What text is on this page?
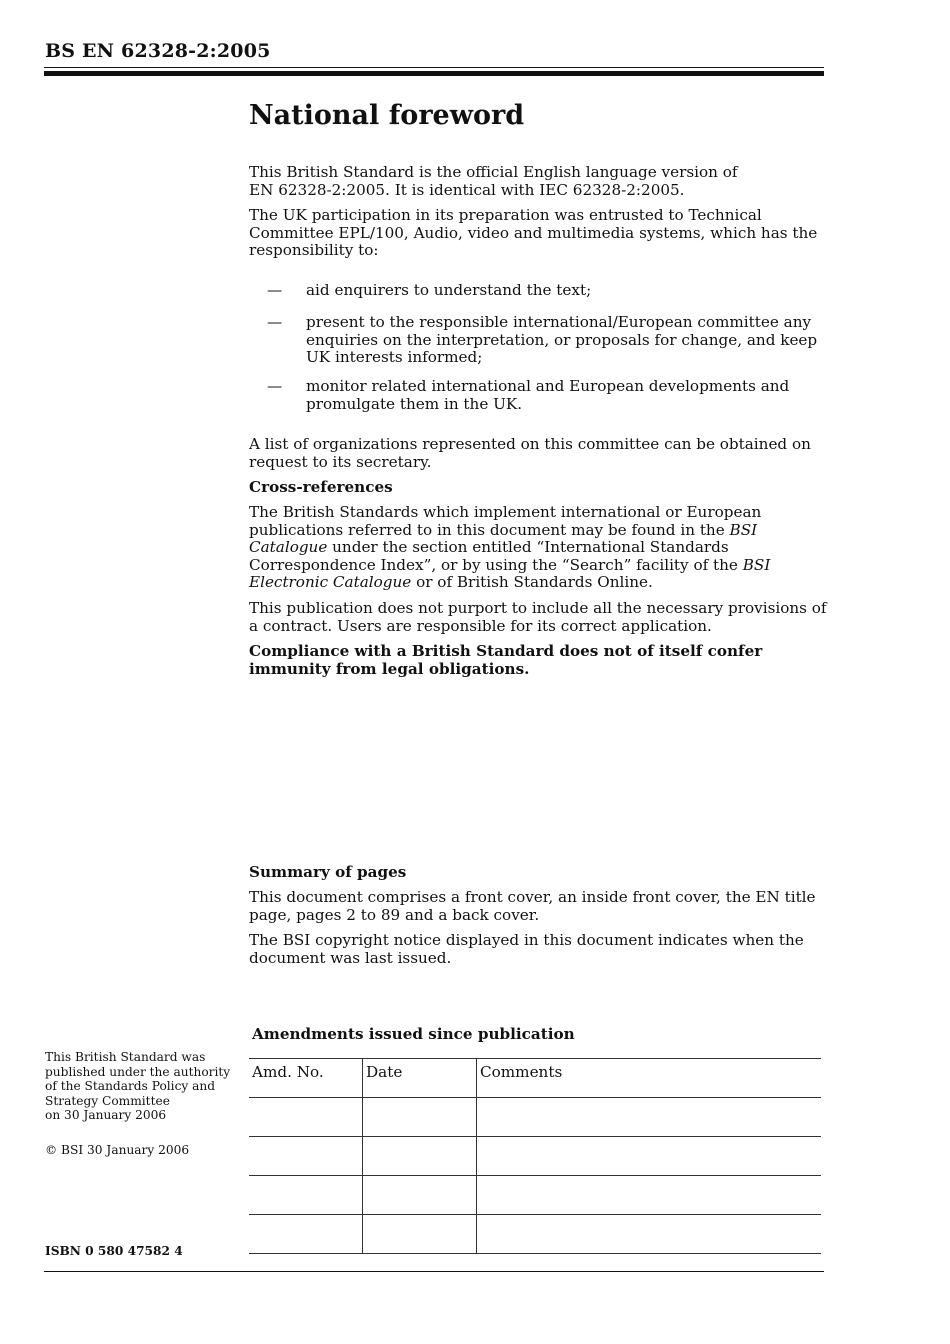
BS EN 62328-2:2005
National foreword
This British Standard is the official English language version of
EN 62328-2:2005. It is identical with IEC 62328-2:2005.
The UK participation in its preparation was entrusted to Technical Committee EPL/100, Audio, video and multimedia systems, which has the responsibility to:
— aid enquirers to understand the text;
— present to the responsible international/European committee any enquiries on the interpretation, or proposals for change, and keep UK interests informed;
— monitor related international and European developments and promulgate them in the UK.
A list of organizations represented on this committee can be obtained on request to its secretary.
Cross-references
The British Standards which implement international or European publications referred to in this document may be found in the BSI Catalogue under the section entitled “International Standards Correspondence Index”, or by using the “Search” facility of the BSI Electronic Catalogue or of British Standards Online.
This publication does not purport to include all the necessary provisions of a contract. Users are responsible for its correct application.
Compliance with a British Standard does not of itself confer immunity from legal obligations.
Summary of pages
This document comprises a front cover, an inside front cover, the EN title page, pages 2 to 89 and a back cover.
The BSI copyright notice displayed in this document indicates when the document was last issued.
This British Standard was
published under the authority
of the Standards Policy and
Strategy Committee
on 30 January 2006
© BSI 30 January 2006
Amendments issued since publication
Amd. No.	Date	Comments

ISBN 0 580 47582 4
